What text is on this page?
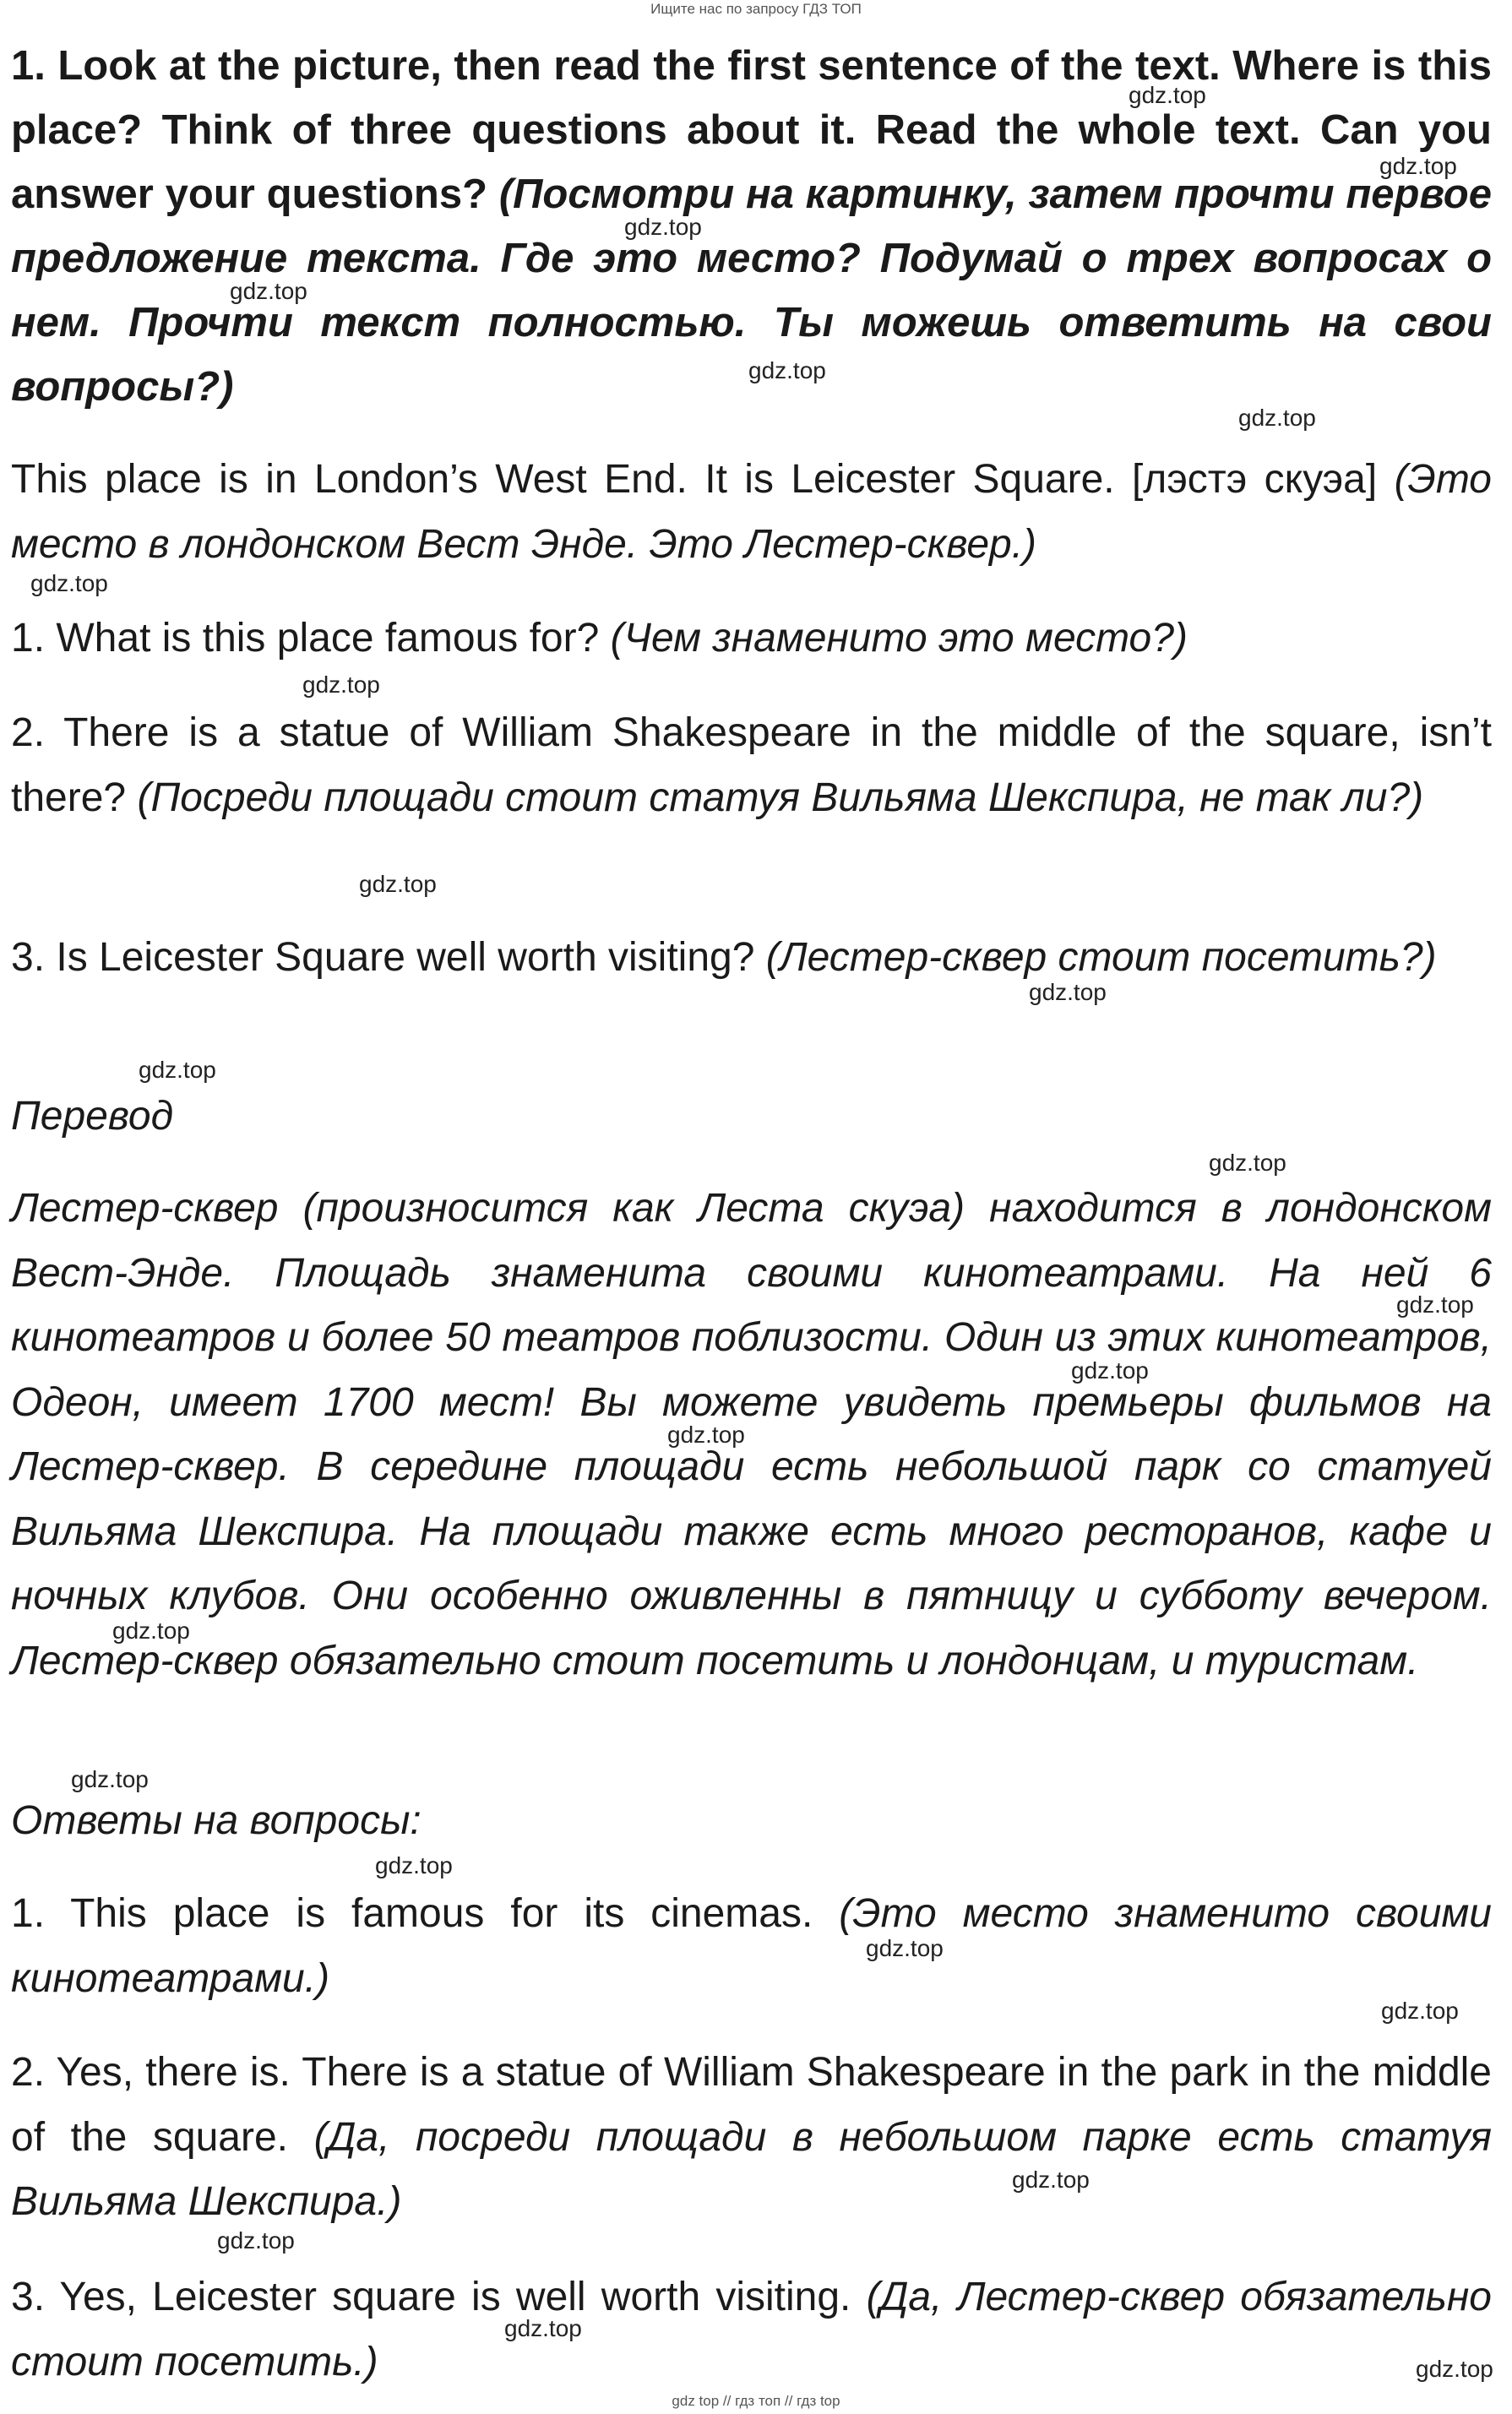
Ищите нас по запросу ГДЗ ТОП

1. Look at the picture, then read the first sentence of the text. Where is this place? Think of three questions about it. Read the whole text. Can you answer your questions? (Посмотри на картинку, затем прочти первое предложение текста. Где это место? Подумай о трех вопросах о нем. Прочти текст полностью. Ты можешь ответить на свои вопросы?)

This place is in London’s West End. It is Leicester Square. [лэстэ скуэа] (Это место в лондонском Вест Энде. Это Лестер-сквер.)

1. What is this place famous for? (Чем знаменито это место?)

2. There is a statue of William Shakespeare in the middle of the square, isn’t there? (Посреди площади стоит статуя Вильяма Шекспира, не так ли?)

3. Is Leicester Square well worth visiting? (Лестер-сквер стоит посетить?)

Перевод

Лестер-сквер (произносится как Леста скуэа) находится в лондонском Вест-Энде. Площадь знаменита своими кинотеатрами. На ней 6 кинотеатров и более 50 театров поблизости. Один из этих кинотеатров, Одеон, имеет 1700 мест! Вы можете увидеть премьеры фильмов на Лестер-сквер. В середине площади есть небольшой парк со статуей Вильяма Шекспира. На площади также есть много ресторанов, кафе и ночных клубов. Они особенно оживленны в пятницу и субботу вечером. Лестер-сквер обязательно стоит посетить и лондонцам, и туристам.

Ответы на вопросы:

1. This place is famous for its cinemas. (Это место знаменито своими кинотеатрами.)

2. Yes, there is. There is a statue of William Shakespeare in the park in the middle of the square. (Да, посреди площади в небольшом парке есть статуя Вильяма Шекспира.)

3. Yes, Leicester square is well worth visiting. (Да, Лестер-сквер обязательно стоит посетить.)

gdz.top
gdz.top
gdz.top
gdz.top
gdz.top
gdz.top
gdz.top
gdz.top
gdz.top
gdz.top
gdz.top
gdz.top
gdz.top
gdz.top
gdz.top
gdz.top
gdz.top
gdz.top
gdz.top
gdz.top
gdz.top
gdz.top
gdz.top
gdz.top
gdz top // гдз топ // гдз top
